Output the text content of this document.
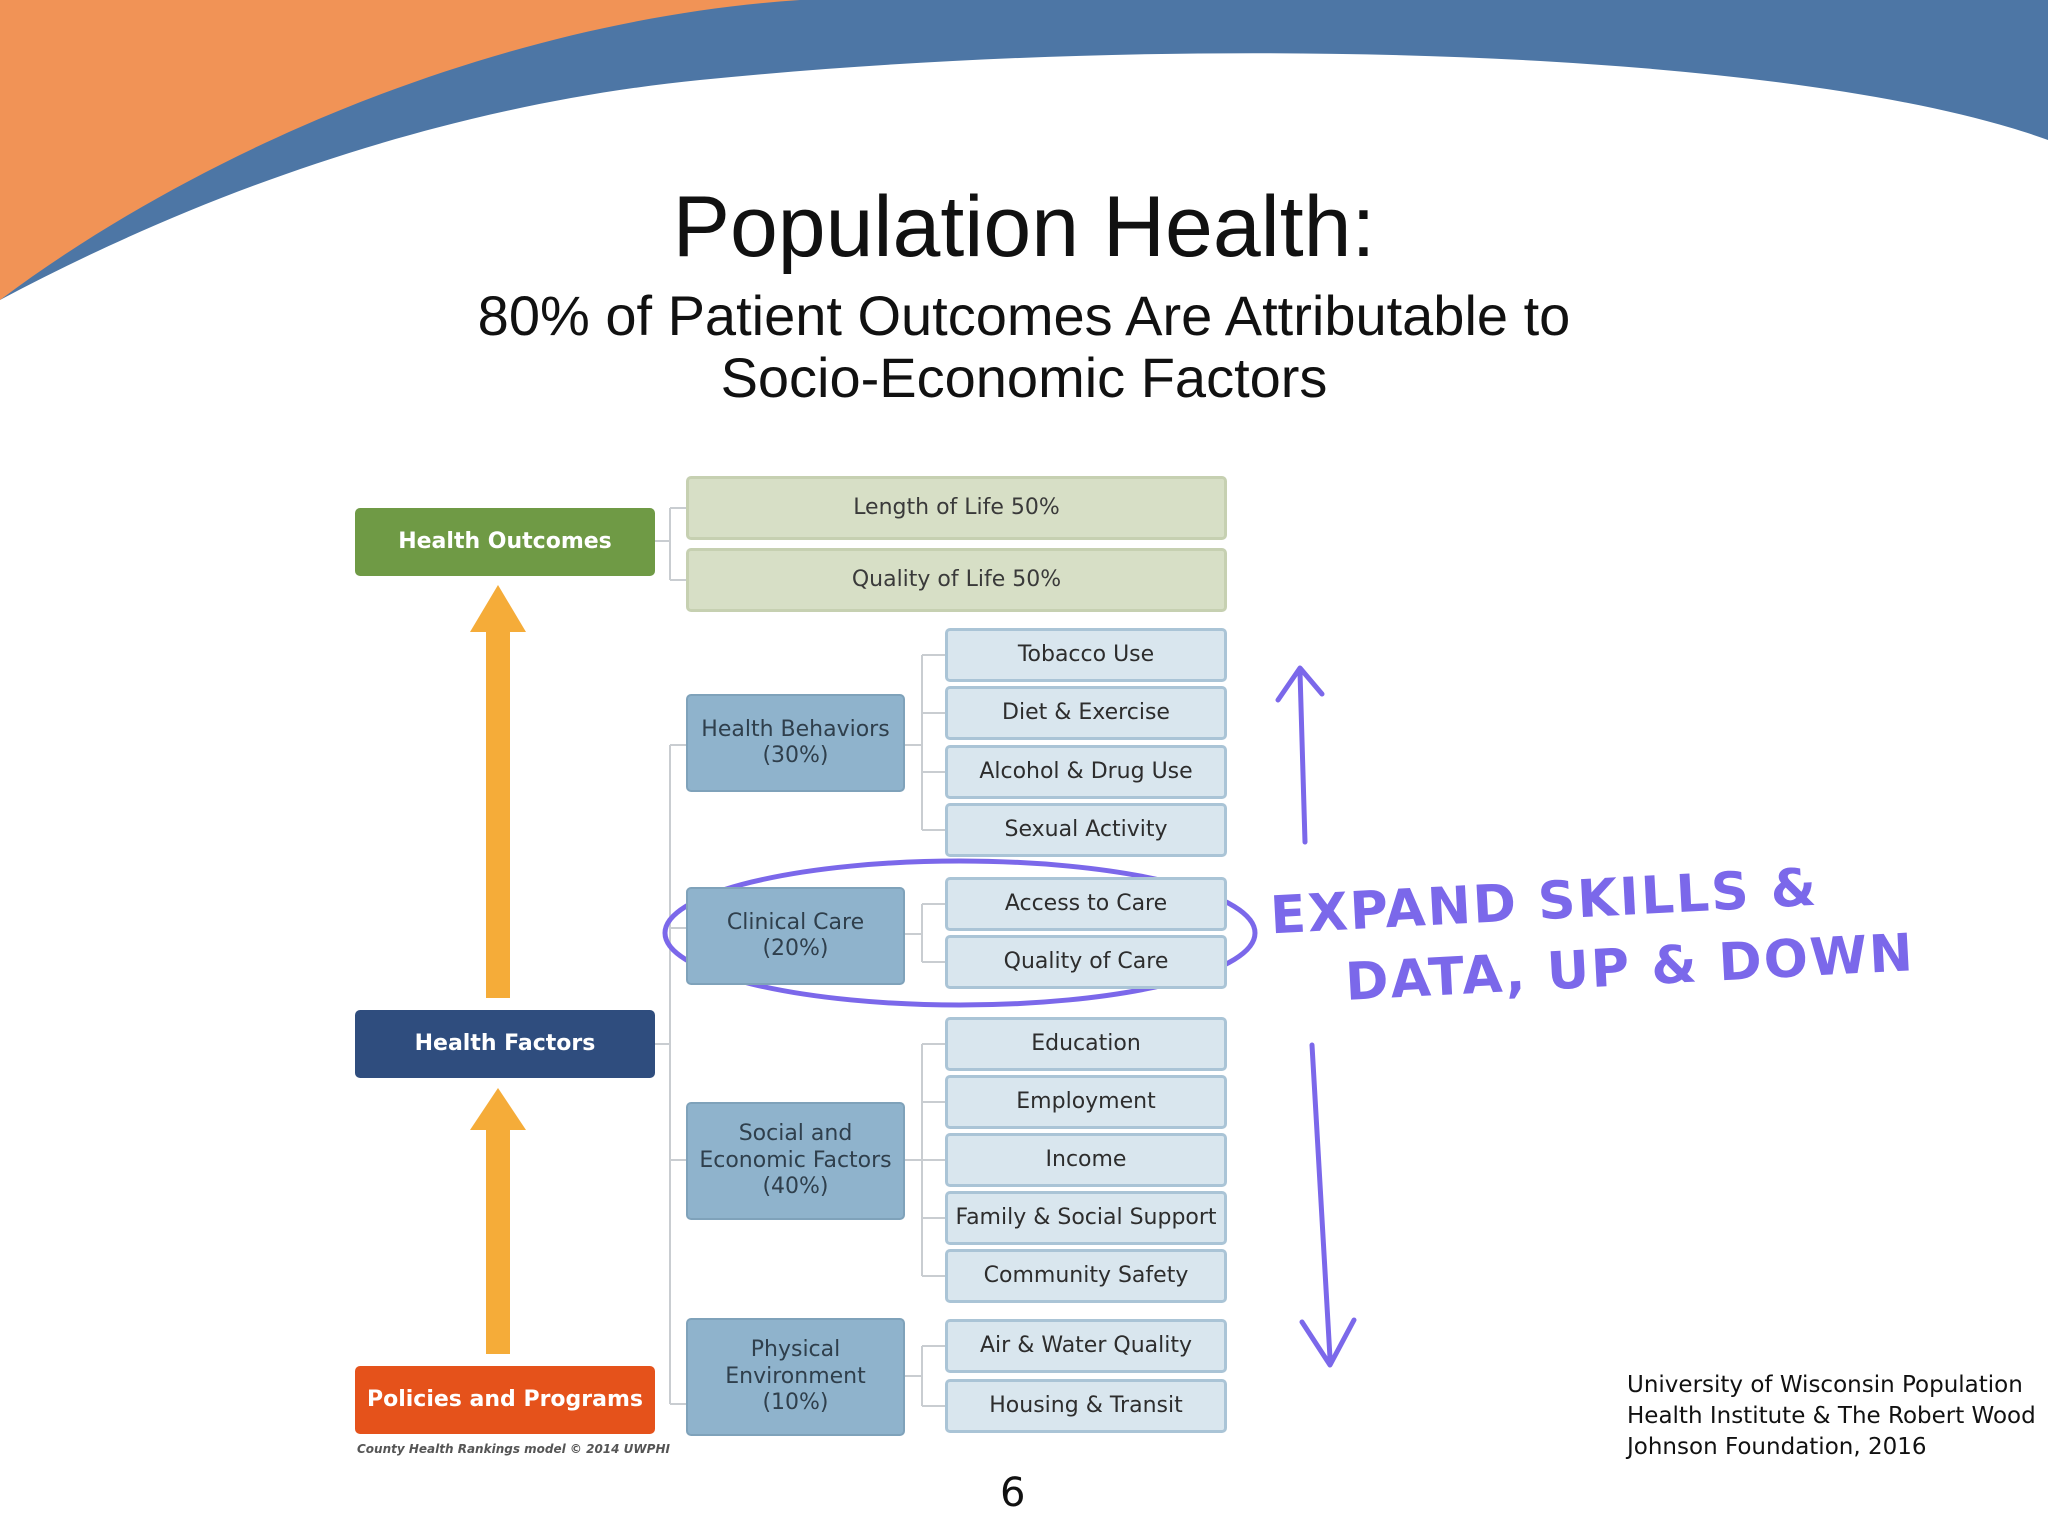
Population Health:
80% of Patient Outcomes Are Attributable to
Socio-Economic Factors
Health Outcomes
Health Factors
Policies and Programs
County Health Rankings model © 2014 UWPHI
Length of Life 50%
Quality of Life 50%
Health Behaviors
(30%)
Clinical Care
(20%)
Social and
Economic Factors
(40%)
Physical
Environment
(10%)
Tobacco Use
Diet & Exercise
Alcohol & Drug Use
Sexual Activity
Access to Care
Quality of Care
Education
Employment
Income
Family & Social Support
Community Safety
Air & Water Quality
Housing & Transit
EXPAND SKILLS &
DATA, UP & DOWN
University of Wisconsin Population
Health Institute & The Robert Wood
Johnson Foundation, 2016
6
